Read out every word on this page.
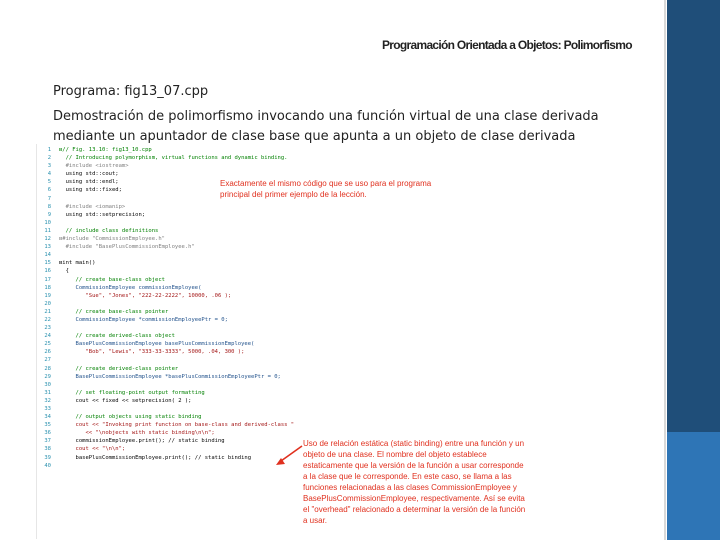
Programación Orientada a Objetos: Polimorfismo
Programa: fig13_07.cpp
Demostración de polimorfismo invocando una función virtual de una clase derivada mediante un apuntador de clase base que apunta a un objeto de clase derivada
1
2
3
4
5
6
7
8
9
10
11
12
13
14
15
16
17
18
19
20
21
22
23
24
25
26
27
28
29
30
31
32
33
34
35
36
37
38
39
40
⊟// Fig. 13.10: fig13_10.cpp
// Introducing polymorphism, virtual functions and dynamic binding.
#include <iostream>
using std::cout;
using std::endl;
using std::fixed;
#include <iomanip>
using std::setprecision;
// include class definitions
⊟#include "CommissionEmployee.h"
#include "BasePlusCommissionEmployee.h"
⊟int main()
{
// create base-class object
CommissionEmployee commissionEmployee(
"Sue", "Jones", "222-22-2222", 10000, .06 );
// create base-class pointer
CommissionEmployee *commissionEmployeePtr = 0;
// create derived-class object
BasePlusCommissionEmployee basePlusCommissionEmployee(
"Bob", "Lewis", "333-33-3333", 5000, .04, 300 );
// create derived-class pointer
BasePlusCommissionEmployee *basePlusCommissionEmployeePtr = 0;
// set floating-point output formatting
cout << fixed << setprecision( 2 );
// output objects using static binding
cout << "Invoking print function on base-class and derived-class "
<< "\nobjects with static binding\n\n";
commissionEmployee.print(); // static binding
cout << "\n\n";
basePlusCommissionEmployee.print(); // static binding
Exactamente el mismo código que se uso para el programa principal del primer ejemplo de la lección.
Uso de relación estática (static binding) entre una función y un objeto de una clase. El nombre del objeto establece estaticamente que la versión de la función a usar corresponde a la clase que le corresponde. En este caso, se llama a las funciones relacionadas a las clases CommissionEmployee y BasePlusCommissionEmployee, respectivamente. Así se evita el "overhead" relacionado a determinar la versión de la función a usar.
